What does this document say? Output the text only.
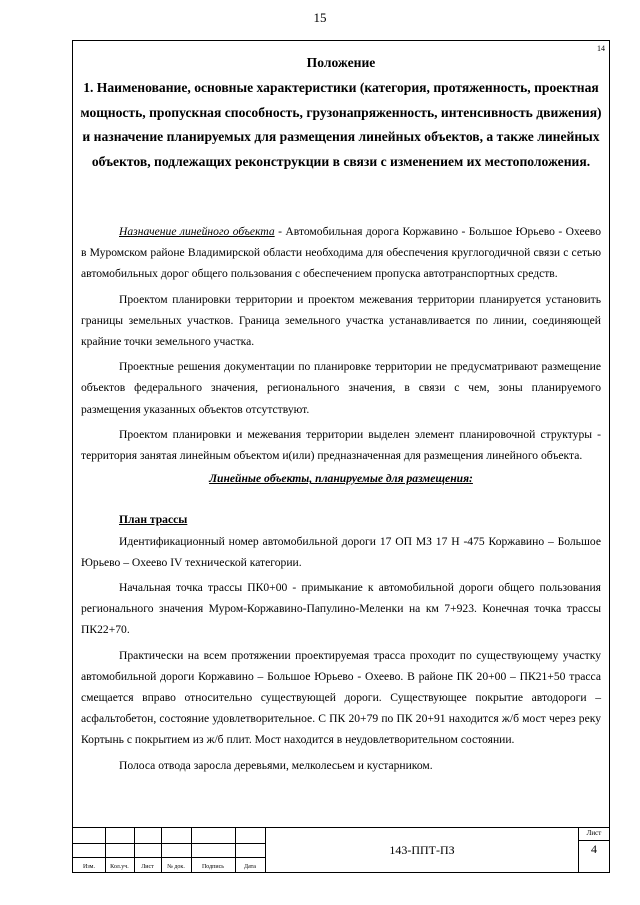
15
14
Положение
1. Наименование, основные характеристики (категория, протяженность, проектная мощность, пропускная способность, грузонапряженность, интенсивность движения) и назначение планируемых для размещения линейных объектов, а также линейных объектов, подлежащих реконструкции в связи с изменением их местоположения.

Назначение линейного объекта - Автомобильная дорога Коржавино - Большое Юрьево - Охеево в Муромском районе Владимирской области необходима для обеспечения круглогодичной связи с сетью автомобильных дорог общего пользования с обеспечением пропуска автотранспортных средств.

Проектом планировки территории и проектом межевания территории планируется установить границы земельных участков. Граница земельного участка устанавливается по линии, соединяющей крайние точки земельного участка.

Проектные решения документации по планировке территории не предусматривают размещение объектов федерального значения, регионального значения, в связи с чем, зоны планируемого размещения указанных объектов отсутствуют.

Проектом планировки и межевания территории выделен элемент планировочной структуры - территория занятая линейным объектом и(или) предназначенная для размещения линейного объекта.

Линейные объекты, планируемые для размещения:
План трассы

Идентификационный номер автомобильной дороги 17 ОП МЗ 17 Н -475 Коржавино – Большое Юрьево – Охеево IV технической категории.

Начальная точка трассы ПК0+00 - примыкание к автомобильной дороги общего пользования регионального значения Муром-Коржавино-Папулино-Меленки на км 7+923. Конечная точка трассы ПК22+70.

Практически на всем протяжении проектируемая трасса проходит по существующему участку автомобильной дороги Коржавино – Большое Юрьево - Охеево. В районе ПК 20+00 – ПК21+50 трасса смещается вправо относительно существующей дороги. Существующее покрытие автодороги – асфальтобетон, состояние удовлетворительное. С ПК 20+79 по ПК 20+91 находится ж/б мост через реку Кортынь с покрытием из ж/б плит. Мост находится в неудовлетворительном состоянии.

Полоса отвода заросла деревьями, мелколесьем и кустарником.

Изм.	Кол.уч.	Лист	№ док.	Подпись	Дата
143-ППТ-ПЗ
Лист
4
